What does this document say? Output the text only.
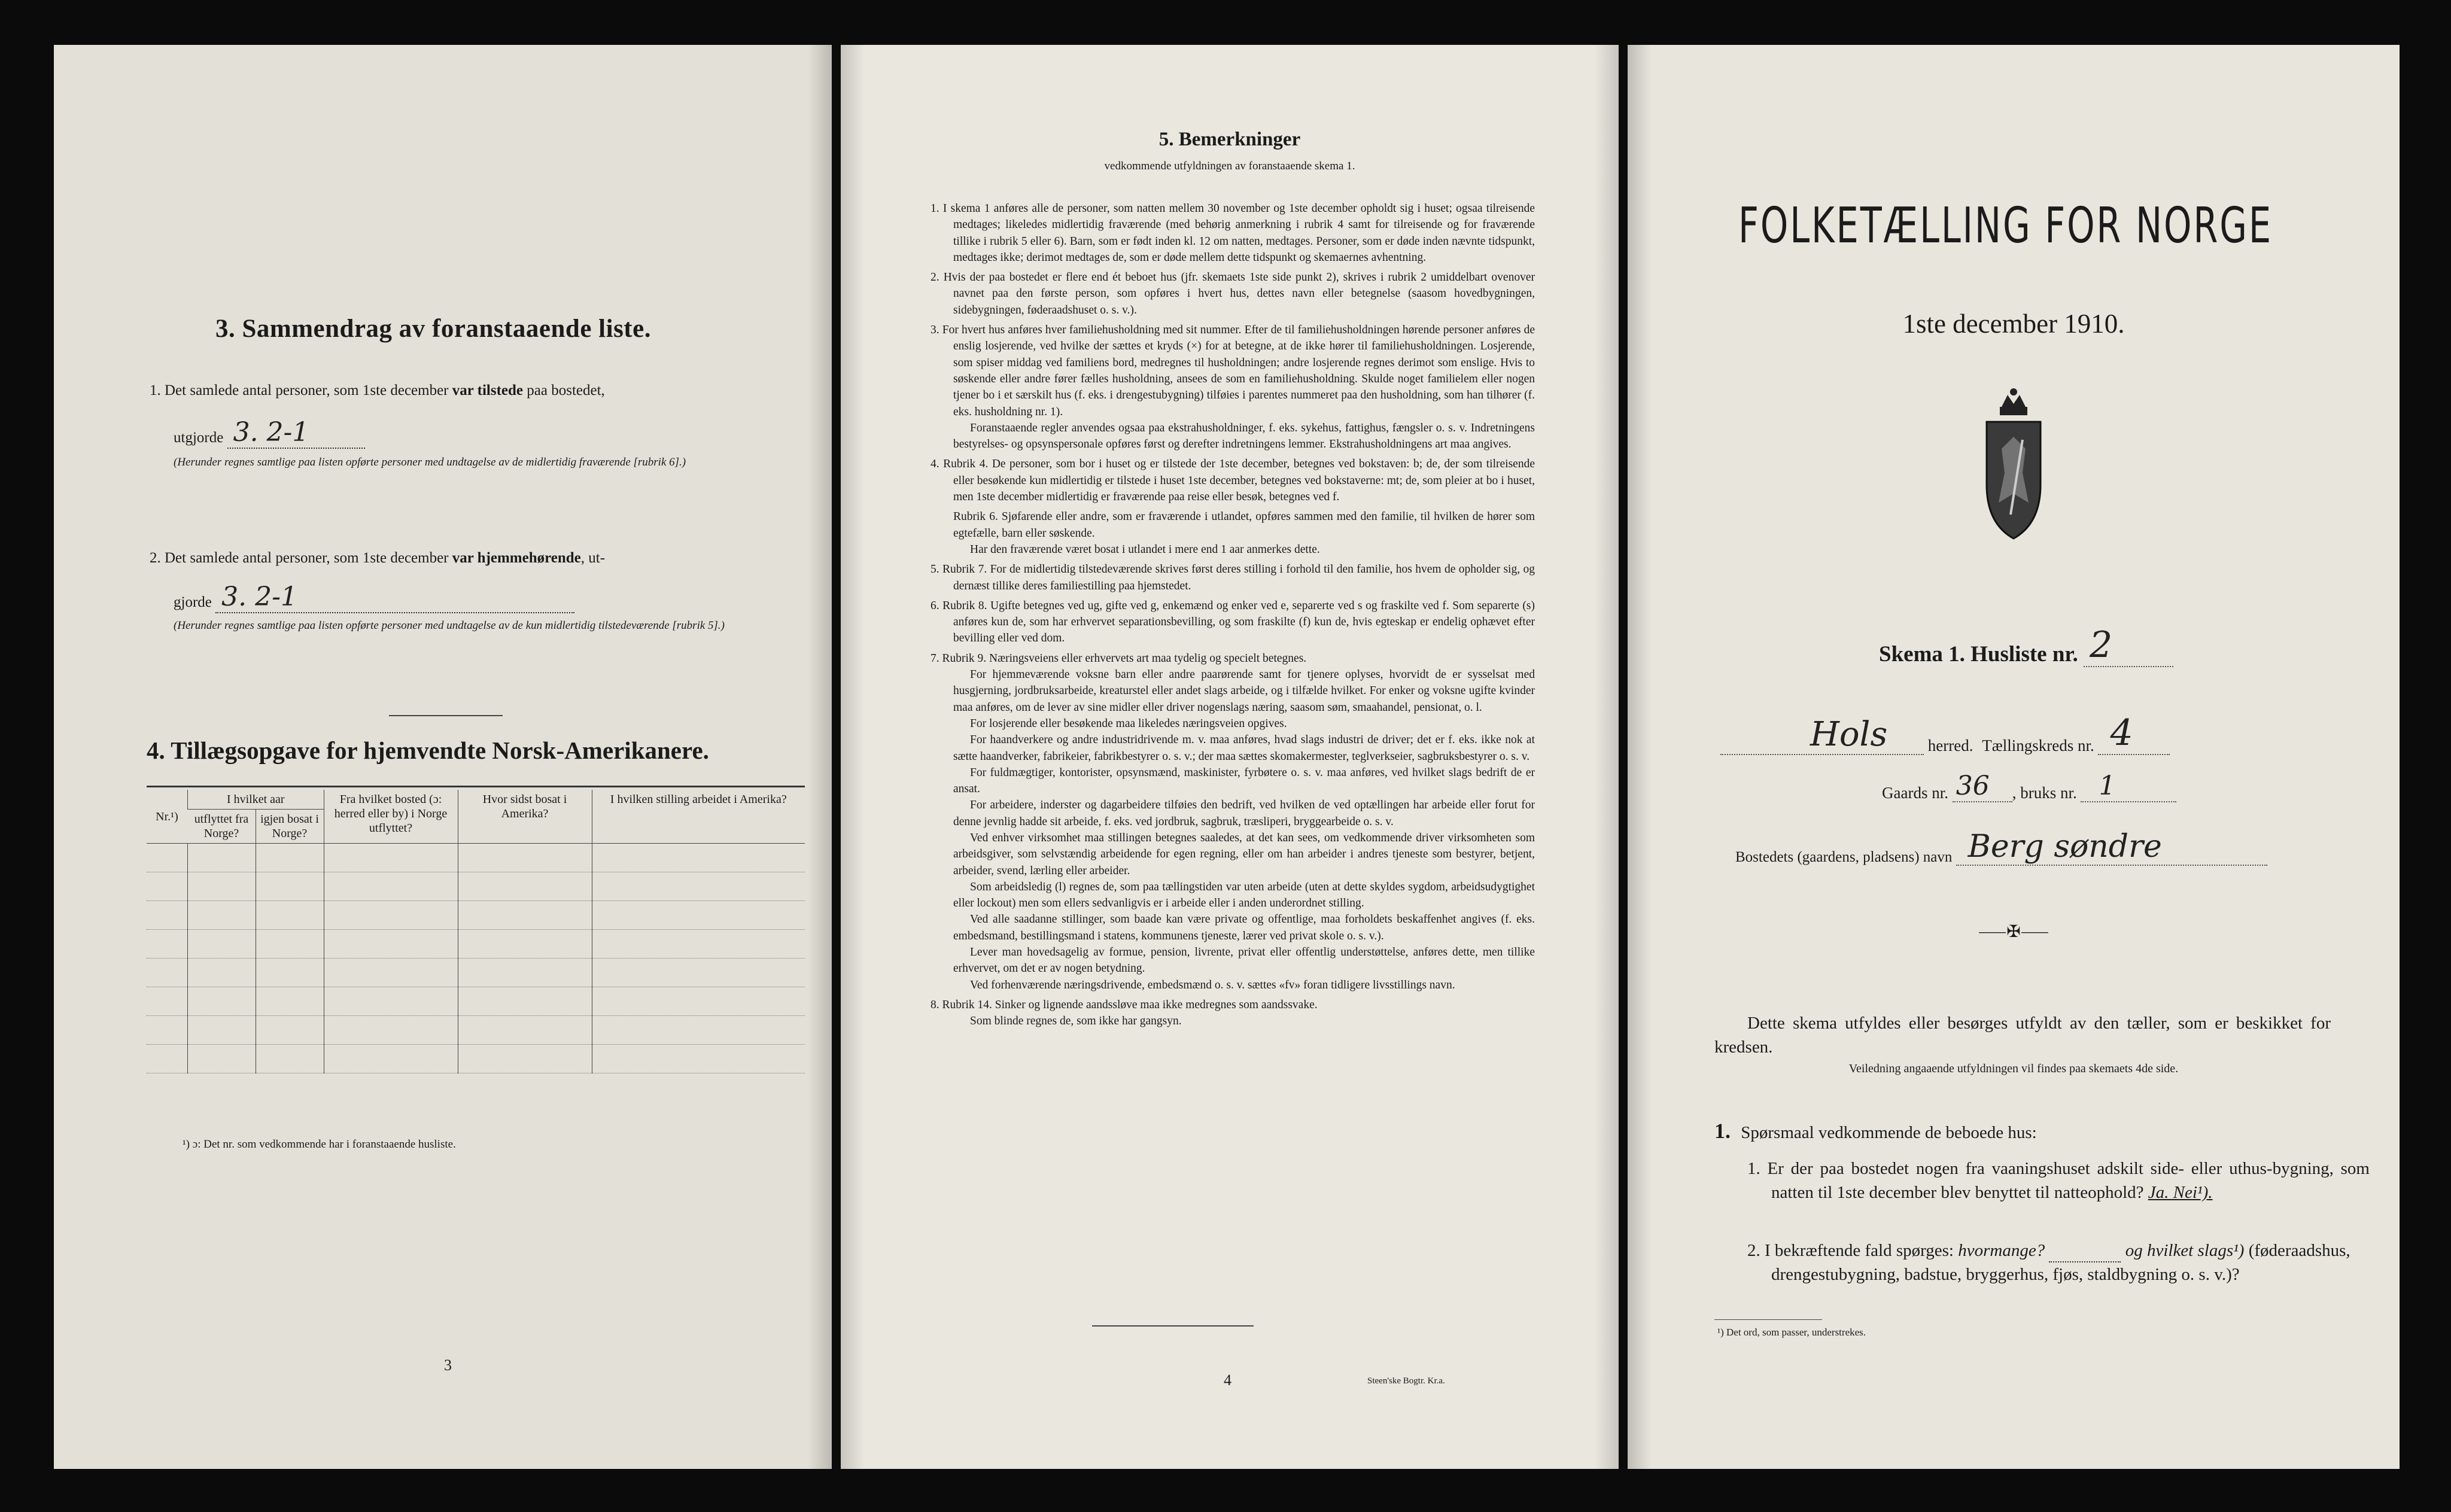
3. Sammendrag av foranstaaende liste.
1. Det samlede antal personer, som 1ste december var tilstede paa bostedet,
utgjorde 3. 2-1
(Herunder regnes samtlige paa listen opførte personer med undtagelse av de midlertidig fraværende [rubrik 6].)
2. Det samlede antal personer, som 1ste december var hjemmehørende, ut-
gjorde 3. 2-1
(Herunder regnes samtlige paa listen opførte personer med undtagelse av de kun midlertidig tilstedeværende [rubrik 5].)
4. Tillægsopgave for hjemvendte Norsk-Amerikanere.
Nr.¹)	I hvilket aar		Fra hvilket bosted (ɔ: herred eller by) i Norge utflyttet?	Hvor sidst bosat i Amerika?	I hvilken stilling arbeidet i Amerika?
	utflyttet fra Norge?	igjen bosat i Norge?			

¹) ɔ: Det nr. som vedkommende har i foranstaaende husliste.
3
5. Bemerkninger
vedkommende utfyldningen av foranstaaende skema 1.

1. I skema 1 anføres alle de personer, som natten mellem 30 november og 1ste december opholdt sig i huset; ogsaa tilreisende medtages; likeledes midlertidig fraværende (med behørig anmerkning i rubrik 4 samt for tilreisende og for fraværende tillike i rubrik 5 eller 6). Barn, som er født inden kl. 12 om natten, medtages. Personer, som er døde inden nævnte tidspunkt, medtages ikke; derimot medtages de, som er døde mellem dette tidspunkt og skemaernes avhentning.

2. Hvis der paa bostedet er flere end ét beboet hus (jfr. skemaets 1ste side punkt 2), skrives i rubrik 2 umiddelbart ovenover navnet paa den første person, som opføres i hvert hus, dettes navn eller betegnelse (saasom hovedbygningen, sidebygningen, føderaadshuset o. s. v.).

3. For hvert hus anføres hver familiehusholdning med sit nummer. Efter de til familiehusholdningen hørende personer anføres de enslig losjerende, ved hvilke der sættes et kryds (×) for at betegne, at de ikke hører til familiehusholdningen. Losjerende, som spiser middag ved familiens bord, medregnes til husholdningen; andre losjerende regnes derimot som enslige. Hvis to søskende eller andre fører fælles husholdning, ansees de som en familiehusholdning. Skulde noget familielem eller nogen tjener bo i et særskilt hus (f. eks. i drengestubygning) tilføies i parentes nummeret paa den husholdning, som han tilhører (f. eks. husholdning nr. 1).

Foranstaaende regler anvendes ogsaa paa ekstrahusholdninger, f. eks. sykehus, fattighus, fængsler o. s. v. Indretningens bestyrelses- og opsynspersonale opføres først og derefter indretningens lemmer. Ekstrahusholdningens art maa angives.

4. Rubrik 4. De personer, som bor i huset og er tilstede der 1ste december, betegnes ved bokstaven: b; de, der som tilreisende eller besøkende kun midlertidig er tilstede i huset 1ste december, betegnes ved bokstaverne: mt; de, som pleier at bo i huset, men 1ste december midlertidig er fraværende paa reise eller besøk, betegnes ved f.

Rubrik 6. Sjøfarende eller andre, som er fraværende i utlandet, opføres sammen med den familie, til hvilken de hører som egtefælle, barn eller søskende.

Har den fraværende været bosat i utlandet i mere end 1 aar anmerkes dette.

5. Rubrik 7. For de midlertidig tilstedeværende skrives først deres stilling i forhold til den familie, hos hvem de opholder sig, og dernæst tillike deres familiestilling paa hjemstedet.

6. Rubrik 8. Ugifte betegnes ved ug, gifte ved g, enkemænd og enker ved e, separerte ved s og fraskilte ved f. Som separerte (s) anføres kun de, som har erhvervet separationsbevilling, og som fraskilte (f) kun de, hvis egteskap er endelig ophævet efter bevilling eller ved dom.

7. Rubrik 9. Næringsveiens eller erhvervets art maa tydelig og specielt betegnes.

For hjemmeværende voksne barn eller andre paarørende samt for tjenere oplyses, hvorvidt de er sysselsat med husgjerning, jordbruksarbeide, kreaturstel eller andet slags arbeide, og i tilfælde hvilket. For enker og voksne ugifte kvinder maa anføres, om de lever av sine midler eller driver nogenslags næring, saasom søm, smaahandel, pensionat, o. l.

For losjerende eller besøkende maa likeledes næringsveien opgives.

For haandverkere og andre industridrivende m. v. maa anføres, hvad slags industri de driver; det er f. eks. ikke nok at sætte haandverker, fabrikeier, fabrikbestyrer o. s. v.; der maa sættes skomakermester, teglverkseier, sagbruksbestyrer o. s. v.

For fuldmægtiger, kontorister, opsynsmænd, maskinister, fyrbøtere o. s. v. maa anføres, ved hvilket slags bedrift de er ansat.

For arbeidere, inderster og dagarbeidere tilføies den bedrift, ved hvilken de ved optællingen har arbeide eller forut for denne jevnlig hadde sit arbeide, f. eks. ved jordbruk, sagbruk, træsliperi, bryggearbeide o. s. v.

Ved enhver virksomhet maa stillingen betegnes saaledes, at det kan sees, om vedkommende driver virksomheten som arbeidsgiver, som selvstændig arbeidende for egen regning, eller om han arbeider i andres tjeneste som bestyrer, betjent, arbeider, svend, lærling eller arbeider.

Som arbeidsledig (l) regnes de, som paa tællingstiden var uten arbeide (uten at dette skyldes sygdom, arbeidsudygtighet eller lockout) men som ellers sedvanligvis er i arbeide eller i anden underordnet stilling.

Ved alle saadanne stillinger, som baade kan være private og offentlige, maa forholdets beskaffenhet angives (f. eks. embedsmand, bestillingsmand i statens, kommunens tjeneste, lærer ved privat skole o. s. v.).

Lever man hovedsagelig av formue, pension, livrente, privat eller offentlig understøttelse, anføres dette, men tillike erhvervet, om det er av nogen betydning.

Ved forhenværende næringsdrivende, embedsmænd o. s. v. sættes «fv» foran tidligere livsstillings navn.

8. Rubrik 14. Sinker og lignende aandssløve maa ikke medregnes som aandssvake.

Som blinde regnes de, som ikke har gangsyn.

4	Steen'ske Bogtr. Kr.a.
FOLKETÆLLING FOR NORGE
1ste december 1910.
Skema 1. Husliste nr. 2
Hols	herred. Tællingskreds nr. 4
Gaards nr. 36 , bruks nr. 1
Bostedets (gaardens, pladsens) navn Berg søndre
⸺✠⸺
Dette skema utfyldes eller besørges utfyldt av den tæller, som er beskikket for kredsen.
Veiledning angaaende utfyldningen vil findes paa skemaets 4de side.
1. Spørsmaal vedkommende de beboede hus:
1. Er der paa bostedet nogen fra vaaningshuset adskilt side- eller uthus-bygning, som natten til 1ste december blev benyttet til natteophold? Ja. Nei¹).
2. I bekræftende fald spørges: hvormange?	og hvilket slags¹) (føderaadshus, drengestubygning, badstue, bryggerhus, fjøs, staldbygning o. s. v.)?
¹) Det ord, som passer, understrekes.
